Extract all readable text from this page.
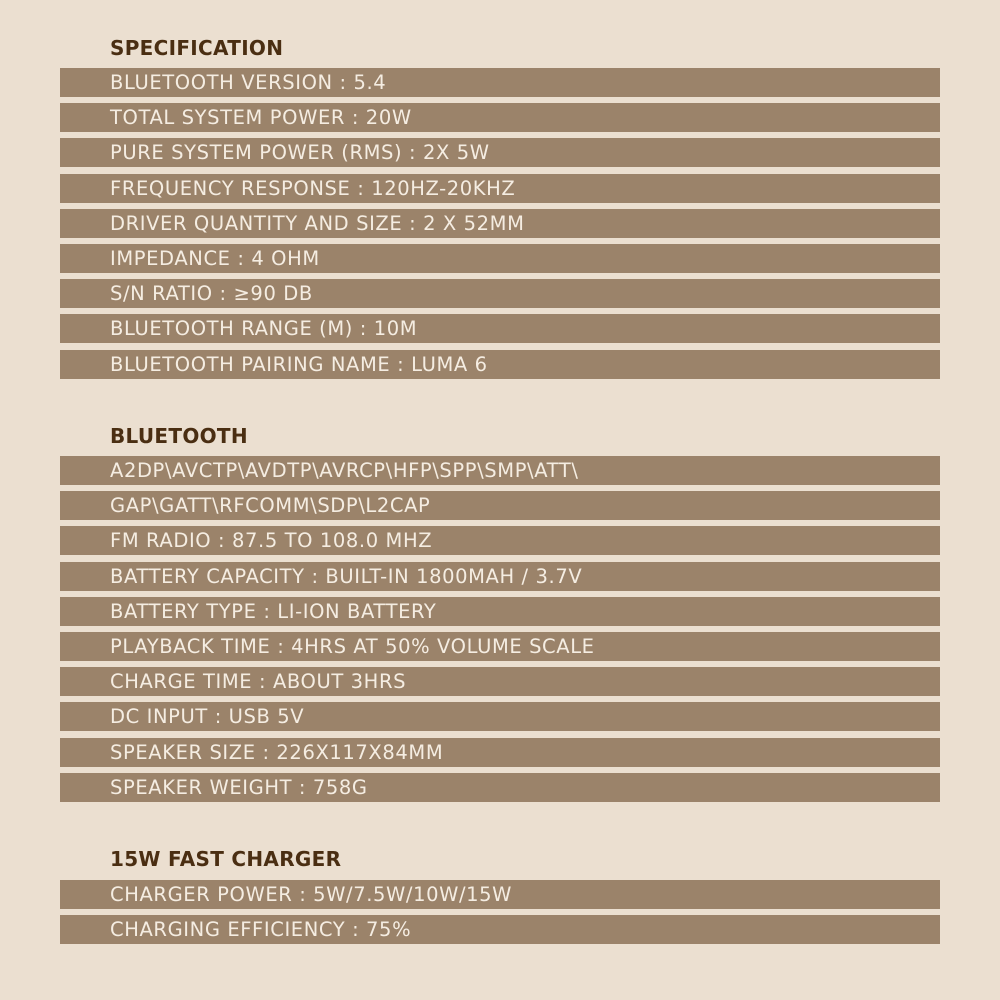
SPECIFICATION
BLUETOOTH VERSION : 5.4
TOTAL SYSTEM POWER : 20W
PURE SYSTEM POWER (RMS) : 2X 5W
FREQUENCY RESPONSE : 120HZ-20KHZ
DRIVER QUANTITY AND SIZE : 2 X 52MM
IMPEDANCE : 4 OHM
S/N RATIO : ≥90 DB
BLUETOOTH RANGE (M) : 10M
BLUETOOTH PAIRING NAME : LUMA 6
BLUETOOTH
A2DP\AVCTP\AVDTP\AVRCP\HFP\SPP\SMP\ATT\
GAP\GATT\RFCOMM\SDP\L2CAP
FM RADIO : 87.5 TO 108.0 MHZ
BATTERY CAPACITY : BUILT-IN 1800MAH / 3.7V
BATTERY TYPE : LI-ION BATTERY
PLAYBACK TIME : 4HRS AT 50% VOLUME SCALE
CHARGE TIME : ABOUT 3HRS
DC INPUT : USB 5V
SPEAKER SIZE : 226X117X84MM
SPEAKER WEIGHT : 758G
15W FAST CHARGER
CHARGER POWER : 5W/7.5W/10W/15W
CHARGING EFFICIENCY : 75%
